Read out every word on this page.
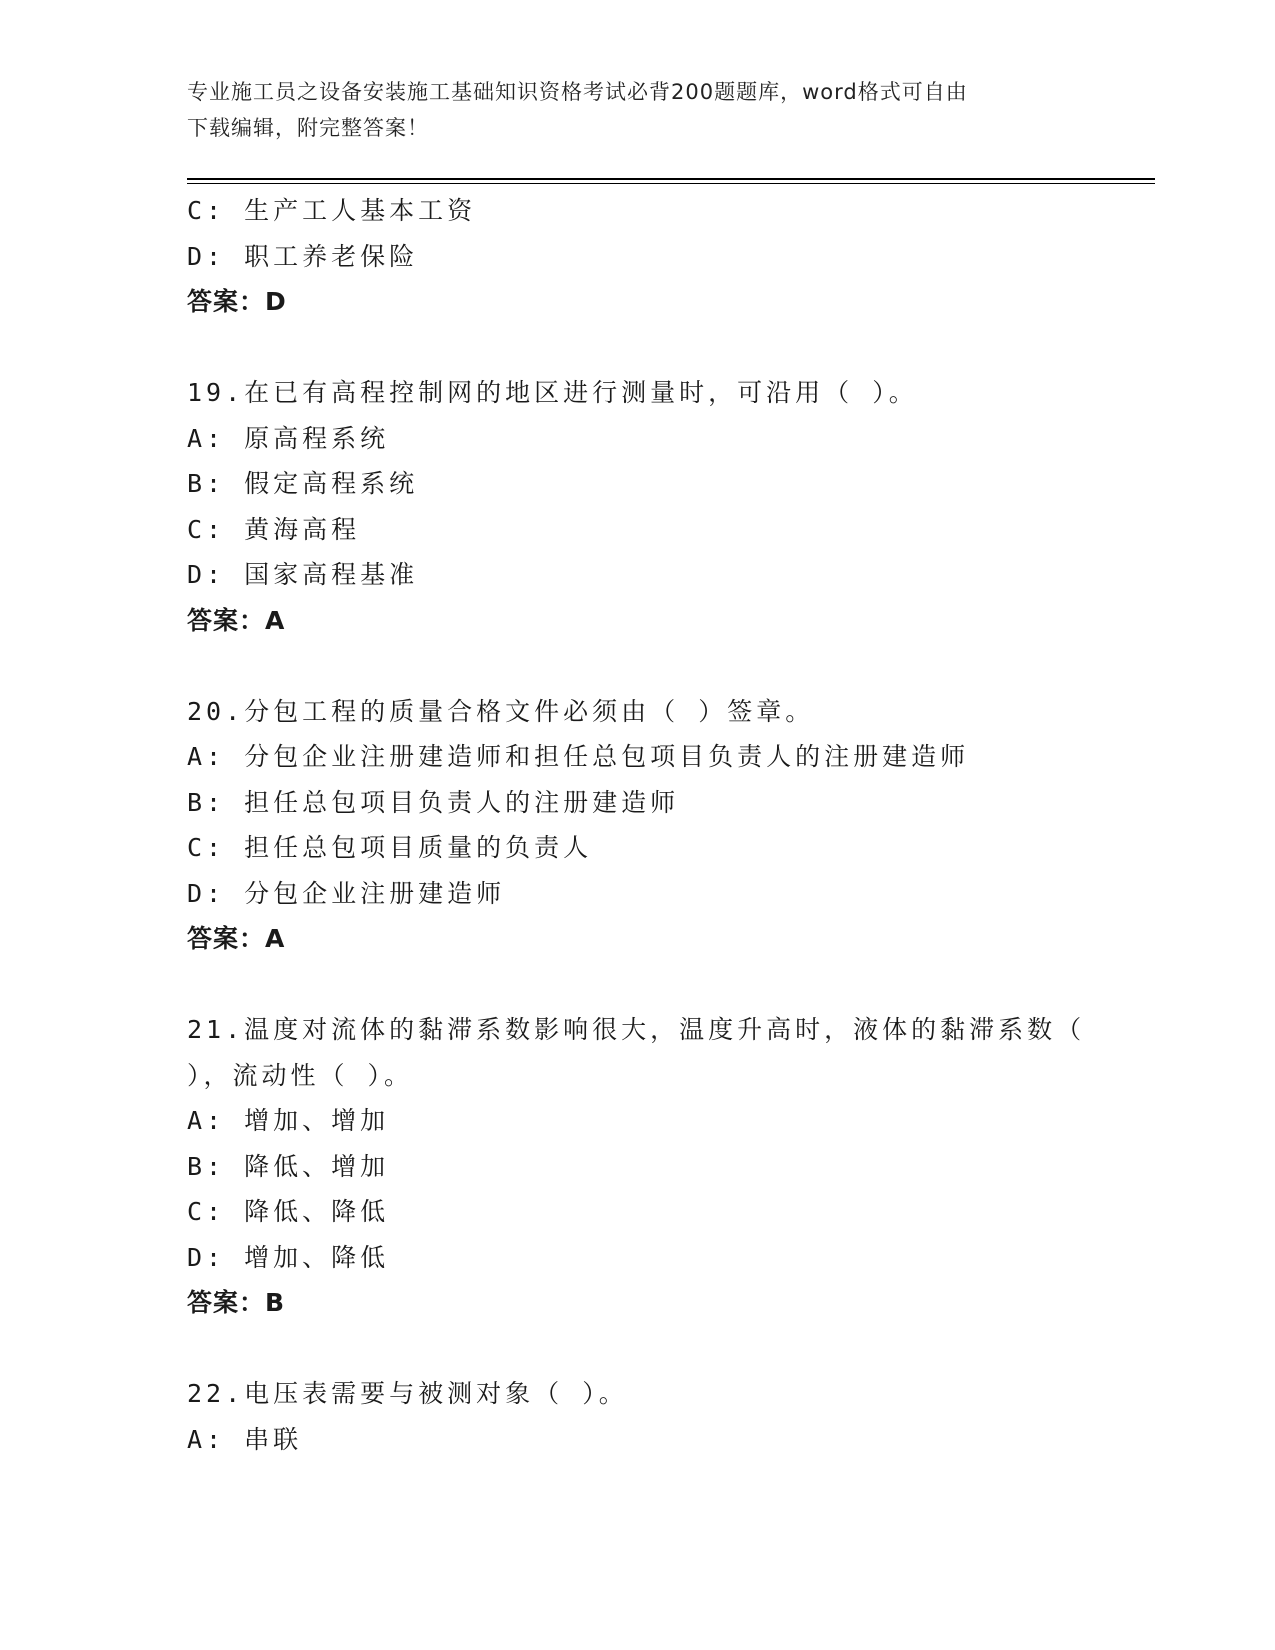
专业施工员之设备安装施工基础知识资格考试必背200题题库，word格式可自由
下载编辑，附完整答案！
C: 生产工人基本工资
D: 职工养老保险
答案：D
19.在已有高程控制网的地区进行测量时，可沿用（ ）。
A: 原高程系统
B: 假定高程系统
C: 黄海高程
D: 国家高程基准
答案：A
20.分包工程的质量合格文件必须由（ ）签章。
A: 分包企业注册建造师和担任总包项目负责人的注册建造师
B: 担任总包项目负责人的注册建造师
C: 担任总包项目质量的负责人
D: 分包企业注册建造师
答案：A
21.温度对流体的黏滞系数影响很大，温度升高时，液体的黏滞系数（
），流动性（ ）。
A: 增加、增加
B: 降低、增加
C: 降低、降低
D: 增加、降低
答案：B
22.电压表需要与被测对象（ ）。
A: 串联
